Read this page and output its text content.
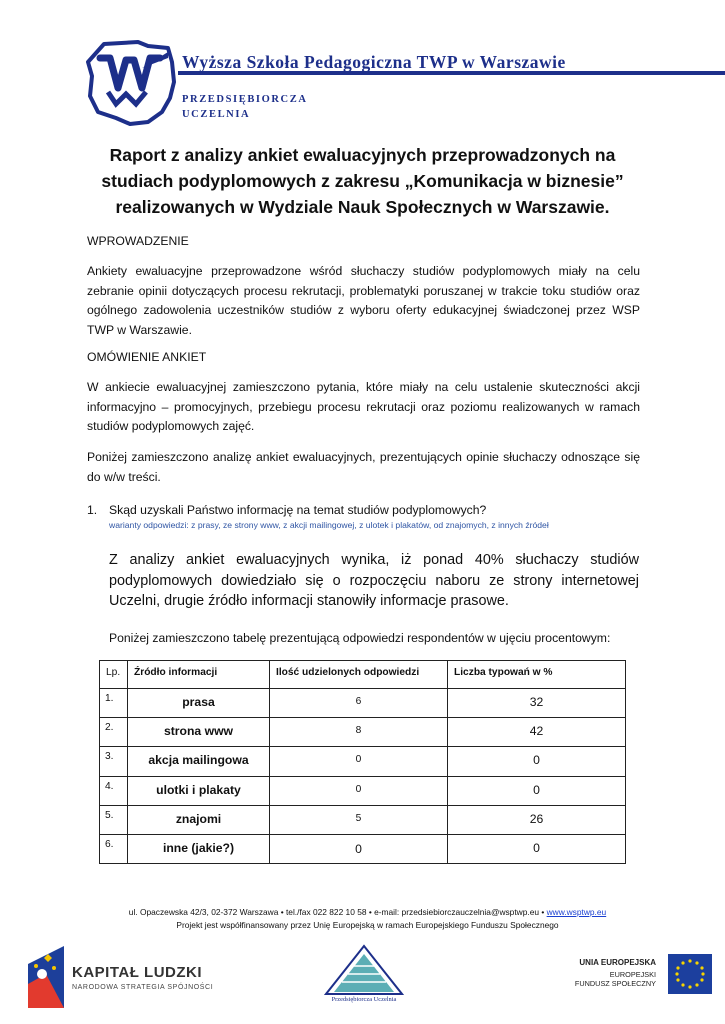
Wyższa Szkoła Pedagogiczna TWP w Warszawie
PRZEDSIĘBIORCZA
UCZELNIA
Raport z analizy ankiet ewaluacyjnych przeprowadzonych na studiach podyplomowych z zakresu „Komunikacja w biznesie” realizowanych w Wydziale Nauk Społecznych w Warszawie.
WPROWADZENIE
Ankiety ewaluacyjne przeprowadzone wśród słuchaczy studiów podyplomowych miały na celu zebranie opinii dotyczących procesu rekrutacji, problematyki poruszanej w trakcie toku studiów oraz ogólnego zadowolenia uczestników studiów z wyboru oferty edukacyjnej świadczonej przez WSP TWP w Warszawie.
OMÓWIENIE ANKIET
W ankiecie ewaluacyjnej zamieszczono pytania, które miały na celu ustalenie skuteczności akcji informacyjno – promocyjnych, przebiegu procesu rekrutacji oraz poziomu realizowanych w ramach studiów podyplomowych zajęć.
Poniżej zamieszczono analizę ankiet ewaluacyjnych, prezentujących opinie słuchaczy odnoszące się do w/w treści.
1. Skąd uzyskali Państwo informację na temat studiów podyplomowych?
warianty odpowiedzi: z prasy, ze strony www, z akcji mailingowej, z ulotek i plakatów, od znajomych, z innych źródeł
Z analizy ankiet ewaluacyjnych wynika, iż ponad 40% słuchaczy studiów podyplomowych dowiedziało się o rozpoczęciu naboru ze strony internetowej Uczelni, drugie źródło informacji stanowiły informacje prasowe.
Poniżej zamieszczono tabelę prezentującą odpowiedzi respondentów w ujęciu procentowym:
Lp.	Źródło informacji	Ilość udzielonych odpowiedzi	Liczba typowań w %
1.	prasa	6	32
2.	strona www	8	42
3.	akcja mailingowa	0	0
4.	ulotki i plakaty	0	0
5.	znajomi	5	26
6.	inne (jakie?)	0	0
ul. Opaczewska 42/3, 02-372 Warszawa • tel./fax 022 822 10 58 • e-mail: przedsiebiorczauczelnia@wsptwp.eu • www.wsptwp.eu
Projekt jest współfinansowany przez Unię Europejską w ramach Europejskiego Funduszu Społecznego
KAPITAŁ LUDZKI
NARODOWA STRATEGIA SPÓJNOŚCI
Przedsiębiorcza Uczelnia
UNIA EUROPEJSKA
EUROPEJSKI
FUNDUSZ SPOŁECZNY
